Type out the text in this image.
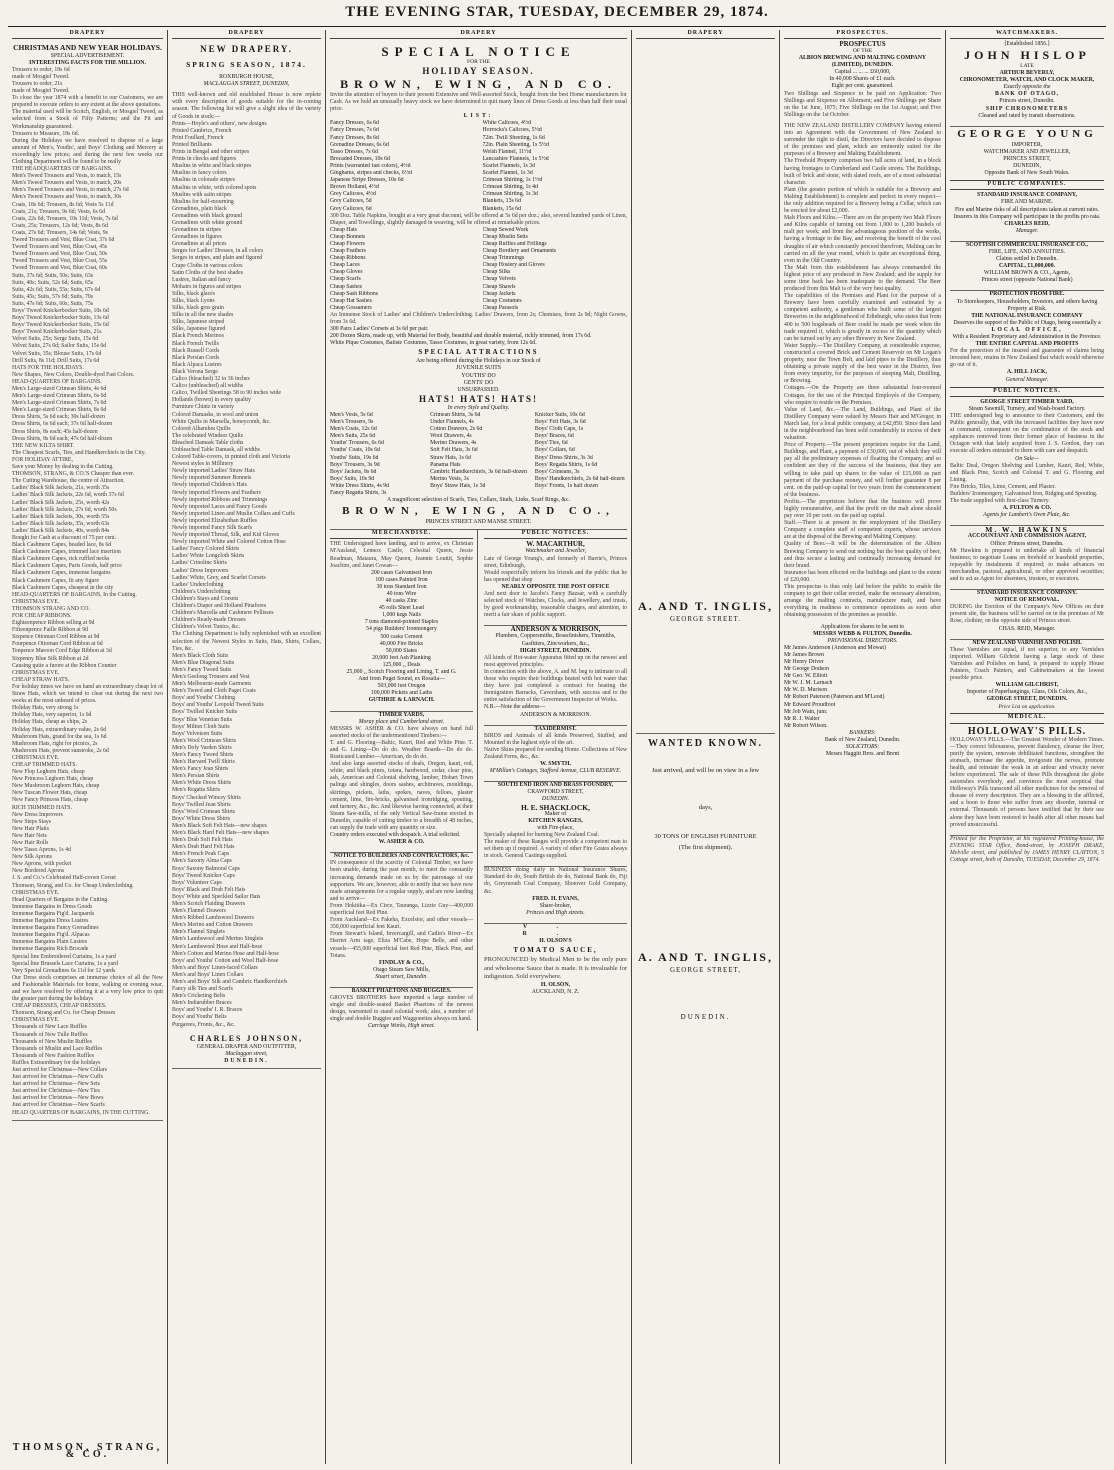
THE EVENING STAR, TUESDAY, DECEMBER 29, 1874.
DRAPERY
CHRISTMAS AND NEW YEAR HOLIDAYS.
SPECIAL ADVERTISEMENT.
INTERESTING FACTS FOR THE MILLION.
Trousers to order, 18s 6d
made of Mosgiel Tweed.
Trousers to order, 21s
made of Mosgiel Tweed.
To close the year 1874 with a benefit to our Customers, we are prepared to execute orders to any extent at the above quotations.
The material used will be Scotch, English, or Mosgiel Tweed, as selected from a Stock of Fifty Patterns; and the Fit and Workmanship guaranteed.
Trousers to Measure, 18s 6d.
During the Holidays we have resolved to dispose of a large amount of Men's, Youths', and Boys' Clothing and Mercery at exceedingly low prices; and during the next few weeks our Clothing Department will be found to be really
THE HEADQUARTERS OF BARGAINS.
Men's Tweed Trousers and Vests, to match, 15s
Men's Tweed Trousers and Vests, to match, 20s
Men's Tweed Trousers and Vests, to match, 27s 6d
Men's Tweed Trousers and Vests, to match, 30s
Coats, 18s 6d; Trousers, 8s 6d; Vests 5s 11d
Coats, 21s; Trousers, 9s 6d; Vests, 6s 6d
Coats, 22s 6d; Trousers, 10s 11d; Vests, 7s 6d
Coats, 25s; Trousers, 12s 6d; Vests, 8s 6d
Coats, 27s 6d; Trousers, 14s 6d; Vests, 9s
Tweed Trousers and Vest, Blue Coat, 37s 6d
Tweed Trousers and Vest, Blue Coat, 45s
Tweed Trousers and Vest, Blue Coat, 50s
Tweed Trousers and Vest, Blue Coat, 55s
Tweed Trousers and Vest, Blue Coat, 60s
Suits, 37s 6d; Suits, 50s; Suits, 63s
Suits, 40s; Suits, 52s 6d; Suits, 65s
Suits, 42s 6d; Suits, 55s; Suits, 67s 6d
Suits, 45s; Suits, 57s 6d; Suits, 70s
Suits, 47s 6d; Suits, 60s; Suits, 75s
Boys' Tweed Knickerbocker Suits, 10s 6d
Boys' Tweed Knickerbocker Suits, 13s 6d
Boys' Tweed Knickerbocker Suits, 15s 6d
Boys' Tweed Knickerbocker Suits, 21s
Velvet Suits, 25s; Serge Suits, 15s 6d
Velvet Suits, 27s 6d; Sailor Suits, 15s 6d
Velvet Suits, 35s; Blouse Suits, 17s 6d
Drill Suits, 8s 11d; Drill Suits, 17s 6d
HATS FOR THE HOLIDAYS.
New Shapes, New Colors, Double-dyed Fast Colors.
HEAD-QUARTERS OF BARGAINS.
Men's Large-sized Crimean Shirts, 4s 6d
Men's Large-sized Crimean Shirts, 6s 6d
Men's Large-sized Crimean Shirts, 7s 6d
Men's Large-sized Crimean Shirts, 8s 6d
Dress Shirts, 5s 6d each; 30s half-dozen
Dress Shirts, 6s 6d each; 37s 6d half-dozen
Dress Shirts, 8s each; 45s half-dozen
Dress Shirts, 8s 6d each; 47s 6d half-dozen
THE NEW KILTA SHIRT.
The Cheapest Scarfs, Ties, and Handkerchiefs in the City.
FOR HOLIDAY ATTIRE,
Save your Money by dealing in the Cutting.
THOMSON, STRANG, & CO.'S Cheaper than ever.
The Cutting Warehouse, the centre of Attraction.
Ladies' Black Silk Jackets, 21s, worth 35s
Ladies' Black Silk Jackets, 22s 6d, worth 37s 6d
Ladies' Black Silk Jackets, 25s, worth 42s
Ladies' Black Silk Jackets, 27s 6d, worth 50s
Ladies' Black Silk Jackets, 30s, worth 55s
Ladies' Black Silk Jackets, 35s, worth 63s
Ladies' Black Silk Jackets, 40s, worth 84s
Bought for Cash at a discount of 75 per cent.
Black Cashmere Capes, beaded lace, 8s 6d
Black Cashmere Capes, trimmed lace insertion
Black Cashmere Capes, rick ruffled necks
Black Cashmere Capes, Paris Goods, half price
Black Cashmere Capes, immense bargains
Black Cashmere Capes, fit any figure
Black Cashmere Capes, cheapest in the city
HEAD-QUARTERS OF BARGAINS, In the Cutting.
CHRISTMAS EVE.
THOMSON STRANG AND CO.
FOR CHEAP RIBBONS.
Eighteenpence Ribbon selling at 9d
Fifteenpence Faille Ribbon at 9d
Sixpence Ottoman Cord Ribbon at 9d
Fourpence Ottoman Cord Ribbon at 6d
Tenpence Maroon Cord Edge Ribbon at 3d
Sixpenny Blue Silk Ribbon at 2d
Causing quite a furore at the Ribbon Counter
CHRISTMAS EVE.
CHEAP STRAW HATS.
For holiday times we have on hand an extraordinary cheap lot of Straw Hats, which we intend to clear out during the next two weeks at the most unheard of prices.
Holiday Hats, very strong 1s
Holiday Hats, very superior, 1s 6d
Holiday Hats, cheap as chips, 2s
Holiday Hats, extraordinary value, 2s 6d
Mushroom Hats, grand for the sea, 1s 6d
Mushroom Hats, right for picnics, 2s
Mushroom Hats, prevent sunstroke, 2s 6d
CHRISTMAS EVE.
CHEAP TRIMMED HATS.
New Flop Leghorn Hats, cheap
New Princess Leghorn Hats, cheap
New Mushroom Leghorn Hats, cheap
New Tuscan Flower Hats, cheap
New Fancy Princess Hats, cheap
RICH TRIMMED HATS.
New Dress Improvers
New Steps Stays
New Hair Plaits
New Hair Nets
New Hair Rolls
New Tasso Aprons, 1s 4d
New Silk Aprons
New Aprons, with pocket
New Bordered Aprons
J. S. and Co.'s Celebrated Half-crown Corset
Thomson, Strang, and Co. for Cheap Underclothing.
CHRISTMAS EVE.
Head Quarters of Bargains in the Cutting.
Immense Bargains in Dress Goods
Immense Bargains Fig'd. Jacquards
Immense Bargains Dress Lustres
Immense Bargains Fancy Grenadines
Immense Bargains Fig'd. Alpacas
Immense Bargains Plain Lustres
Immense Bargains Rich Brocade
Special line Embroidered Curtains, 1s a yard
Special line Brussels Lace Curtains, 1s a yard
Very Special Grenadines 6s 11d for 12 yards
Our Dress stock comprises an immense choice of all the New and Fashionable Materials for home, walking or evening wear, and we have resolved by offering it at a very low price to quit the greater part during the holidays
CHEAP DRESSES, CHEAP DRESSES.
Thomson, Strang and Co. for Cheap Dresses
CHRISTMAS EVE.
Thousands of New Lace Ruffles
Thousands of New Tulle Ruffles
Thousands of New Muslin Ruffles
Thousands of Muslin and Lace Ruffles
Thousands of New Fashion Ruffles
Ruffles Extraordinary for the holidays
Just arrived for Christmas—New Collars
Just arrived for Christmas—New Cuffs
Just arrived for Christmas—New Sets
Just arrived for Christmas—New Ties
Just arrived for Christmas—New Bows
Just arrived for Christmas—New Scarfs
HEAD QUARTERS OF BARGAINS, IN THE CUTTING.
THOMSON, STRANG, & CO.
DRAPERY
NEW DRAPERY.
SPRING SEASON, 1874.
ROXBURGH HOUSE,
MACLAGGAN STREET, DUNEDIN,
THIS well-known and old established House is now replete with every description of goods suitable for the in-coming season. The following list will give a slight idea of the variety of Goods in stock:—
Prints—Hoyle's and others', new designs
Printed Cambrics, French
Print Foullard, French
Printed Brilliants
Prints in Bengal and other stripes
Prints in checks and figures
Muslins in white and black stripes
Muslins in fancy colors
Muslins in colorado stripes
Muslins in white, with colored spots
Muslins with satin stripes
Muslins for half-mourning
Grenadines, plain black
Grenadines with black ground
Grenadines with white ground
Grenadines in stripes
Grenadines in figures
Grenadines at all prices
Serges for Ladies' Dresses, in all colors
Serges in stripes, and plain and figured
Crape Cloths in various colors
Satin Cloths of the best shades
Lustres, Italian and fancy
Mohairs in figures and stripes
Silks, black glacés
Silks, black Lyons
Silks, black gros grain
Silks in all the new shades
Silks, Japanese striped
Silks, Japanese figured
Black French Merinos
Black French Twills
Black Russell Cords
Black Persian Cords
Black Alpaca Lustres
Black Verona Serge
Calico (bleached) 32 to 36 inches
Calico (unbleached) all widths
Calico, Twilled Sheetings 58 to 90 inches wide
Hollands (brown) in every quality
Furniture Chintz in variety
Colored Damasks, in wool and union
White Quilts in Marsella, honeycomb, &c.
Colored Alhambra Quilts
The celebrated Windsor Quilts
Bleached Damask Table cloths
Unbleached Table Damask, all widths
Colored Table-covers, in printed cloth and Victoria
Newest styles in Millinery
Newly imported Ladies' Straw Hats
Newly imported Summer Bonnets
Newly imported Children's Hats
Newly imported Flowers and Feathers
Newly imported Ribbons and Trimmings
Newly imported Laces and Fancy Goods
Newly imported Linen and Muslin Collars and Cuffs
Newly imported Elizabethan Ruffles
Newly imported Fancy Silk Scarfs
Newly imported Thread, Silk, and Kid Gloves
Newly imported White and Colored Cotton Hose
Ladies' Fancy Colored Skirts
Ladies' White Longcloth Skirts
Ladies' Crinoline Skirts
Ladies' Dress Improvers
Ladies' White, Grey, and Scarlet Corsets
Ladies' Underclothing
Children's Underclothing
Children's Stays and Corsets
Children's Diaper and Holland Pinafores
Children's Marcella and Cashmere Pellisses
Children's Ready-made Dresses
Children's Velvet Tunics, &c.
The Clothing Department is fully replenished with an excellent selection of the Newest Styles in Suits, Hats, Shirts, Collars, Ties, &c.
Men's Black Cloth Suits
Men's Blue Diagonal Suits
Men's Fancy Tweed Suits
Men's Geelong Trousers and Vest
Men's Melbourne-made Garments
Men's Tweed and Cloth Paget Coats
Boys' and Youths' Clothing
Boys' and Youths' Leopold Tweed Suits
Boys' Twilled Knicker Suits
Boys' Blue Venetian Suits
Boys' Milton Cloth Suits
Boys' Velveteen Suits
Men's Wool Crimean Shirts
Men's Doly Varden Shirts
Men's Fancy Tweed Shirts
Men's Harvard Twill Shirts
Men's Fancy Jean Shirts
Men's Persian Shirts
Men's White Dress Shirts
Men's Regatta Shirts
Boys' Checked Wincey Shirts
Boys' Twilled Jean Shirts
Boys' Wool Crimean Shirts
Boys' White Dress Shirts
Men's Black Soft Felt Hats—new shapes
Men's Black Hard Felt Hats—new shapes
Men's Drab Soft Felt Hats
Men's Drab Hard Felt Hats
Men's French Peak Caps
Men's Saxony Alma Caps
Boys' Saxony Balmoral Caps
Boys' Tweed Knicker Caps
Boys' Volunteer Caps
Boys' Black and Drab Felt Hats
Boys' White and Speckled Sailor Hats
Men's Scotch Flaiding Drawers
Men's Flannel Drawers
Men's Ribbed Lambswool Drawers
Men's Merino and Cotton Drawers
Men's Flannel Singlets
Men's Lambswool and Merino Singlets
Men's Lambswool Hose and Half-hose
Men's Cotton and Merino Hose and Half-hose
Boys' and Youths' Cotton and Wool Half-hose
Men's and Boys' Linen-faced Collars
Men's and Boys' Linen Collars
Men's and Boys' Silk and Cambric Handkerchiefs
Fancy silk Ties and Scarfs
Men's Cricketing Belts
Men's Indiarubber Braces
Boys' and Youths' I. R. Braces
Boys' and Youths' Belts
Purgarees, Fronts, &c., &c.
CHARLES JOHNSON,
GENERAL DRAPER AND OUTFITTER,
Maclaggan street,
DUNEDIN.
DRAPERY
SPECIAL NOTICE
FOR THE
HOLIDAY SEASON.
BROWN, EWING, AND CO.
Invite the attention of buyers to their present Extensive and Well-assorted Stock, bought from the best Home manufacturers for Cash. As we hold an unusually heavy stock we have determined to quit many lines of Dress Goods at less than half their usual price.
LIST:
Fancy Dresses, 6s 6d
Fancy Dresses, 7s 6d
Fancy Dresses, 8s 6d
Grenadine Dresses, 6s 6d
Tasso Dresses, 7s 6d
Brocaded Dresses, 10s 6d
Prints (warranted fast colors), 4½d
Ginghams, stripes and checks, 6½d
Japanese Stripe Dresses, 10s 6d
Brown Holland, 4½d
Grey Calicoes, 4½d
Grey Calicoes, 5d
Grey Calicoes, 6d
White Calicoes, 4½d
Horrocks's Calicoes, 5½d
72in. Twill Sheeting, 1s 6d
72in. Plain Sheeting, 1s 5½d
Welsh Flannel, 11½d
Lancashire Flannels, 1s 5½d
Scarlet Flannels, 1s 3d
Scarlet Flannel, 1s 3d
Crimean Shirting, 1s 1½d
Crimean Shirting, 1s 4d
Crimean Shirting, 1s 3d
Blankets, 13s 6d
Blankets, 15s 6d
300 Doz. Table Napkins, bought at a very great discount, will be offered at 5s 6d per doz.; also, several hundred yards of Linen, Diaper, and Towellings, slightly damaged in weaving, will be offered at remarkable prices.
Cheap Hats
Cheap Bonnets
Cheap Flowers
Cheap Feathers
Cheap Ribbons
Cheap Laces
Cheap Gloves
Cheap Scarfs
Cheap Sashes
Cheap Sash Ribbons
Cheap Hat Sashes
Cheap Gossamers
Cheap Sewed Work
Cheap Muslin Setts
Cheap Ruffles and Frillings
Cheap Bordlery and Ornaments
Cheap Trimmings
Cheap Hosiery and Gloves
Cheap Silks
Cheap Velvets
Cheap Shawls
Cheap Jackets
Cheap Costumes
Cheap Parasols
An Immense Stock of Ladies' and Children's Underclothing. Ladies' Drawers, from 2s; Chemises, from 2s 9d; Night Gowns, from 3s 6d.
300 Pairs Ladies' Corsets at 3s 6d per pair.
200 Dozen Skirts, made up, with Material for Body, beautiful and durable material, richly trimmed, from 17s 6d.
White Pique Costumes, Batiste Costumes, Tasso Costumes, in great variety, from 12s 6d.
SPECIAL ATTRACTIONS
Are being offered during the Holidays in our Stock of
JUVENILE SUITS
YOUTHS' DO
GENTS' DO
UNSURPASSED.
HATS! HATS! HATS!
In every Style and Quality.
Men's Vests, 5s 6d
Men's Trousers, 9s
Men's Coats, 12s 6d
Men's Suits, 25s 6d
Youths' Trousers, 6s 6d
Youths' Coats, 10s 6d
Youths' Suits, 19s 6d
Boys' Trousers, 3s 9d
Boys' Jackets, 8s 6d
Boys' Suits, 10s 9d
White Dress Shirts, 4s 9d
Fancy Regatta Shirts, 3s
Crimean Shirts, 3s 6d
Under Flannels, 4s
Cotton Drawers, 2s 6d
Wool Drawers, 4s
Merino Drawers, 4s
Soft Felt Hats, 3s 6d
Straw Hats, 1s 6d
Panama Hats
Cambric Handkerchiefs, 3s 6d half-dozen
Merino Vests, 3s
Boys' Straw Hats, 1s 3d
Knicker Suits, 10s 6d
Boys' Felt Hats, 3s 6d
Boys' Cloth Caps, 1s
Boys' Braces, 6d
Boys' Ties, 6d
Boys' Collars, 6d
Boys' Dress Shirts, 3s 3d
Boys' Regatta Shirts, 1s 6d
Boys' Crimeans, 3s
Boys' Handkerchiefs, 2s 6d half-dozen
Boys' Fronts, 1s half dozen
A magnificent selection of Scarfs, Ties, Collars, Studs, Links, Scarf Rings, &c.
BROWN, EWING, AND CO.,
PRINCES STREET AND MANSE STREET.
MERCHANDISE.
THE Undersigned have landing, and to arrive, ex Christian M'Ausland, Lennox Castle, Celestial Queen, Jessie Readman, Mataura, May Queen, Jeannie Louttit, Sophie Joachim, and Janet Cowan—
200 cases Galvanised Iron
100 cases Painted Iron
30 tons Standard Iron
40 tons Wire
40 casks Zinc
45 rolls Sheet Lead
1,000 kegs Nails
7 tons diamond-pointed Staples
54 pigs Builders' Ironmongery
500 casks Cement
40,000 Fire Bricks
50,000 Slates
20,000 feet Ash Planking
125,000 ,, Deals
25,000 ,, Scotch Flooring and Lining, T. and G.
And from Puget Sound, ex Rosalia—
503,000 feet Oregon
100,000 Pickets and Laths
GUTHRIE & LARNACH.
TIMBER YARDS,
Moray place and Cumberland street.
MESSRS W. ASHER & CO. have always on hand full assorted stocks of the undermentioned Timbers:—
T. and G. Flooring—Baltic, Kauri, Red and White Pine. T. and G. Lining—Do do do. Weather Boards—Do do do. Rusticated Lumber—American, do do do.
And also large assorted stocks of deals, Oregon, kauri, red, white, and black pines, totara, hardwood, cedar, clear pine, ash, American and Colonial shelving, lumber, Hobart Town palings and shingles, doors sashes, architraves, mouldings, skirtings, pickets, laths, spokes, naves, felloes, plaster cement, lime, fire-bricks, galvanised ironridging, spouting, and turnery, &c., &c. And likewise having connected, at their Steam Saw-mills, of the only Vertical Saw-frame erected in Dunedin, capable of cutting timber to a breadth of 48 inches, can supply the trade with any quantity or size.
Country orders executed with despatch. A trial solicited.
W. ASHER & CO.
NOTICE TO BUILDERS AND CONTRACTORS, &c.
IN consequence of the scarcity of Colonial Timber, we have been unable, during the past month, to meet the constantly increasing demands made on us by the patronage of our supporters. We are, however, able to notify that we have now made arrangements for a regular supply, and are now landing and to arrive—
From Hokitika—Ex Circe, Tauranga, Lizzie Guy—400,000 superficial feet Red Pine.
From Auckland—Ex Fakeha, Excelsior, and other vessels—350,000 superficial feet Kauri.
From Stewart's Island, Invercargill, and Catlin's River—Ex Harriet Arm tage, Eliza M'Cabe, Hope Belle, and other vessels—455,000 superficial feet Red Pine, Black Pine, and Totara.
FINDLAY & CO.,
Otago Steam Saw Mills,
Stuart street, Dunedin.
BASKET PHAETONS AND BUGGIES.
GROVES BROTHERS have imported a large number of single and double-seated Basket Phaetons of the newest design, warranted to stand colonial work; also, a number of single and double Buggies and Waggonettes always on hand.
Carriage Works, High street.
PUBLIC NOTICES.
W. MACARTHUR,
Watchmaker and Jeweller,
Late of George Young's, and formerly of Barrie's, Princes street, Edinburgh,
Would respectfully inform his friends and the public that he has opened that shop
NEARLY OPPOSITE THE POST OFFICE
And next door to Jacobs's Fancy Bazaar, with a carefully selected stock of Watches, Clocks, and Jewellery, and trusts, by good workmanship, reasonable charges, and attention, to merit a fair share of public support.
ANDERSON & MORRISON,
Plumbers, Coppersmiths, Brassfinishers, Tinsmiths, Gasfitters, Zincworkers, &c.,
HIGH STREET, DUNEDIN.
All kinds of Hot-water Apparatus fitted up on the newest and most approved principles.
In connection with the above, A. and M. beg to intimate to all those who require their buildings heated with hot water that they have just completed a contract for heating the Immigration Barracks, Caversham, with success and to the entire satisfaction of the Government Inspector of Works.
N.B.—Note the address—
ANDERSON & MORRISON.
TAXIDERMIST.
BIRDS and Animals of all kinds Preserved, Stuffed, and Mounted in the highest style of the art.
Native Skins prepared for sending Home. Collections of New Zealand Ferns, &c., &c.
W. SMYTH.
M'Millan's Cottages, Stafford Avenue, CLUB RESERVE.
SOUTH END IRON AND BRASS FOUNDRY,
CRAWFORD STREET,
DUNEDIN.
H. E. SHACKLOCK,
Maker of
KITCHEN RANGES,
with Fire-place,
Specially adapted for burning New Zealand Coal.
The maker of these Ranges will provide a competent man to set them up if required. A variety of other Fire Grates always in stock. General Castings supplied.
BUSINESS doing daily in National Insurance Shares, Standard do do, South British do do, National Bank do, Fiji do, Greymouth Coal Company, Shotover Gold Company, &c.
FRED. H. EVANS,
Share-broker,
Princes and High streets.
V. R.
H. OLSON'S
TOMATO SAUCE,
PRONOUNCED by Medical Men to be the only pure and wholesome Sauce that is made. It is invaluable for indigestion. Sold everywhere.
H. OLSON,
AUCKLAND, N. Z.
DRAPERY
A. AND T. INGLIS,
GEORGE STREET.
WANTED KNOWN.
Just arrived, and will be on view in a few
days,
30 TONS OF ENGLISH FURNITURE
(The first shipment).
A. AND T. INGLIS,
GEORGE STREET,
DUNEDIN.
PROSPECTUS.
PROSPECTUS
OF THE
ALBION BREWING AND MALTING COMPANY (LIMITED), DUNEDIN.
Capital ... ... ... £60,000,
In 40,000 Shares of £1 each.
Eight per cent. guaranteed.
Two Shillings and Sixpence to be paid on Application: Two Shillings and Sixpence on Allotment; and Five Shillings per Share on the 1st June, 1875; Five Shillings on the 1st August; and Five Shillings on the 1st October.
THE NEW ZEALAND DISTILLERY COMPANY having entered into an Agreement with the Government of New Zealand to surrender the right to distil, the Directors have decided to dispose of the premises and plant, which are eminently suited for the purposes of a Brewery and Malting Establishment.
The Freehold Property comprises two full acres of land, in a block having frontages to Cumberland and Castle streets. The Buildings, built of brick and stone, with slated roofs, are of a most substantial character.
Plant (the greater portion of which is suitable for a Brewery and Malting Establishment) is complete and perfect in every respect—the only addition required for a Brewery being a Cellar, which can be erected for about £2,000.
Malt Floors and Kilns.—There are on the property two Malt Floors and Kilns capable of turning out from 1,000 to 1,200 bushels of malt per week; and from the advantageous position of the works, having a frontage to the Bay, and receiving the benefit of the cool draughts of air which constantly proceed therefrom, Malting can be carried on all the year round, which is quite an exceptional thing, even in the Old Country.
The Malt from this establishment has always commanded the highest price of any produced in New Zealand; and the supply for some time back has been inadequate to the demand. The Beer produced from this Malt is of the very best quality.
The capabilities of the Premises and Plant for the purpose of a Brewery have been carefully examined and estimated by a competent authority, a gentleman who built some of the largest Breweries in the neighbourhood of Edinburgh, who states that from 400 to 500 hogsheads of Beer could be made per week when the trade required it, which is greatly in excess of the quantity which can be turned out by any other Brewery in New Zealand.
Water Supply.—The Distillery Company, at considerable expense, constructed a covered Brick and Cement Reservoir on Mr Logan's property, near the Town Belt, and laid pipes to the Distillery, thus obtaining a private supply of the best water in the District, free from every impurity, for the purposes of steeping Malt, Distilling, or Brewing.
Cottages.—On the Property are three substantial four-roomed Cottages, for the use of the Principal Employés of the Company, who require to reside on the Premises.
Value of Land, &c.—The Land, Buildings, and Plant of the Distillery Company were valued by Messrs Hair and M'Gregor, in March last, for a local public company, at £42,850. Since then land in the neighbourhood has been sold considerably in excess of their valuation.
Price of Property.—The present proprietors require for the Land, Buildings, and Plant, a payment of £30,000, out of which they will pay all the preliminary expenses of floating the Company; and so confident are they of the success of the business, that they are willing to take paid up shares to the value of £15,000 as part payment of the purchase money, and will further guarantee 8 per cent. on the paid-up capital for two years from the commencement of the business.
Profits.—The proprietors believe that the business will prove highly remunerative, and that the profit on the malt alone should pay over 10 per cent. on the paid up capital.
Staff.—There is at present in the employment of the Distillery Company a complete staff of competent experts, whose services are at the disposal of the Brewing and Malting Company.
Quality of Beer.—It will be the determination of the Albion Brewing Company to send out nothing but the best quality of beer, and thus secure a lasting and continually increasing demand for their brand.
Insurance has been effected on the buildings and plant to the extent of £20,000.
This prospectus is thus only laid before the public to enable the company to get their cellar erected, make the necessary alterations, arrange the malting contracts, manufacture malt, and have everything in readiness to commence operations as soon after obtaining possession of the premises as possible.
Applications for shares to be sent to
MESSRS WEBB & FULTON, Dunedin.
PROVISIONAL DIRECTORS.
Mr James Anderson (Anderson and Mowat)
Mr James Brown
Mr Henry Driver
Mr George Dodson
Mr Geo. W. Elliott
Mr W. J. M. Larnach
Mr W. D. Murison
Mr Robert Paterson (Paterson and M'Leod)
Mr Edward Proudfoot
Mr Job Wain, junr.
Mr R. J. Walter
Mr Robert Wilson.
BANKERS:
Bank of New Zealand, Dunedin.
SOLICITORS:
Messrs Haggitt Bros. and Brent
WATCHMAKERS.
[Established 1856.]
JOHN HISLOP
LATE
ARTHUR BEVERLY,
CHRONOMETER, WATCH, AND CLOCK MAKER,
Exactly opposite the
BANK OF OTAGO,
Princes street, Dunedin.
SHIP CHRONOMETERS
Cleaned and rated by transit observations.
GEORGE YOUNG
IMPORTER,
WATCHMAKER AND JEWELLER,
PRINCES STREET,
DUNEDIN,
Opposite Bank of New South Wales.
PUBLIC COMPANIES.
STANDARD INSURANCE COMPANY,
FIRE AND MARINE.
Fire and Marine risks of all descriptions taken at current rates.
Insurers in this Company will participate in the profits pro rata.
CHARLES REID,
Manager.
SCOTTISH COMMERCIAL INSURANCE CO.,
FIRE, LIFE, AND ANNUITIES.
Claims settled in Dunedin.
CAPITAL, £1,000,000.
WILLIAM BROWN & CO., Agents,
Princes street (opposite National Bank)
PROTECTION FROM FIRE.
To Storekeepers, Householders, Investors, and others having Property at Risk.
THE NATIONAL INSURANCE COMPANY
Deserves the support of the Public of Otago, being essentially a
LOCAL OFFICE,
With a Resident Proprietary and Administration in the Province.
THE ENTIRE CAPITAL AND PROFITS
For the protection of the insured and guarantee of claims being invested here, retains in New Zealand that which would otherwise go out of it.
A. HILL JACK,
General Manager.
PUBLIC NOTICES.
GEORGE STREET TIMBER YARD,
Steam Sawmill, Turnery, and Wash-board Factory.
THE undersigned beg to announce to their Customers, and the Public generally, that, with the increased facilities they have now at command, consequent on the combination of the stock and appliances removed from their former place of business in the Octagon with that lately acquired from J. S. Gordon, they can execute all orders entrusted to them with care and despatch.
On Sale—
Baltic Deal, Oregon Shelving and Lumber, Kauri, Red, White, and Black Pine, Scotch and Colonial T. and G. Flooring and Lining.
Fire Bricks, Tiles, Lime, Cement, and Plaster.
Builders' Ironmongery, Galvanised Iron, Ridging and Spouting.
The trade supplied with first-class Turnery.
A. FULTON & CO.
Agents for Lambert's Oven Plate, &c.
M. W. HAWKINS
ACCOUNTANT AND COMMISSION AGENT,
Office: Princes street, Dunedin.
Mr Hawkins is prepared to undertake all kinds of financial business; to negotiate Loans on freehold or leasehold properties, repayable by instalments if required; to make advances on merchandise, pastoral, agricultural, or other approved securities; and to act as Agent for absentees, trustees, or executors.
STANDARD INSURANCE COMPANY.
NOTICE OF REMOVAL.
DURING the Erection of the Company's New Offices on their present site, the business will be carried on in the premises of Mr Rose, clothier, on the opposite side of Princes street.
CHAS. REID, Manager.
NEW ZEALAND VARNISH AND POLISH.
These Varnishes are equal, if not superior, to any Varnishes imported. William Gilchrist having a large stock of these Varnishes and Polishes on hand, is prepared to supply House Painters, Coach Painters, and Cabinetmakers at the lowest possible price.
WILLIAM GILCHRIST,
Importer of Paperhangings, Glass, Oils Colors, &c.,
GEORGE STREET, DUNEDIN.
Price List on application.
MEDICAL.
HOLLOWAY'S PILLS.
HOLLOWAY'S PILLS.—The Greatest Wonder of Modern Times.—They correct biliousness, prevent flatulency, cleanse the liver, purify the system, renovate debilitated functions, strengthen the stomach, increase the appetite, invigorate the nerves, promote health, and reinstate the weak in an ardour and vivacity never before experienced. The sale of these Pills throughout the globe astonishes everybody, and convinces the most sceptical that Holloway's Pills transcend all other medicines for the removal of disease of every description. They are a blessing to the afflicted, and a boon to those who suffer from any disorder, internal or external. Thousands of persons have testified that by their use alone they have been restored to health after all other means had proved unsuccessful.
Printed for the Proprietor, at his registered Printing-house, the EVENING STAR Office, Bond-street, by JOSEPH DRAKE, Melville street, and published by JAMES HENRY CLAYTON, 5 Cottage street, both of Dunedin, TUESDAY, December 29, 1874.
